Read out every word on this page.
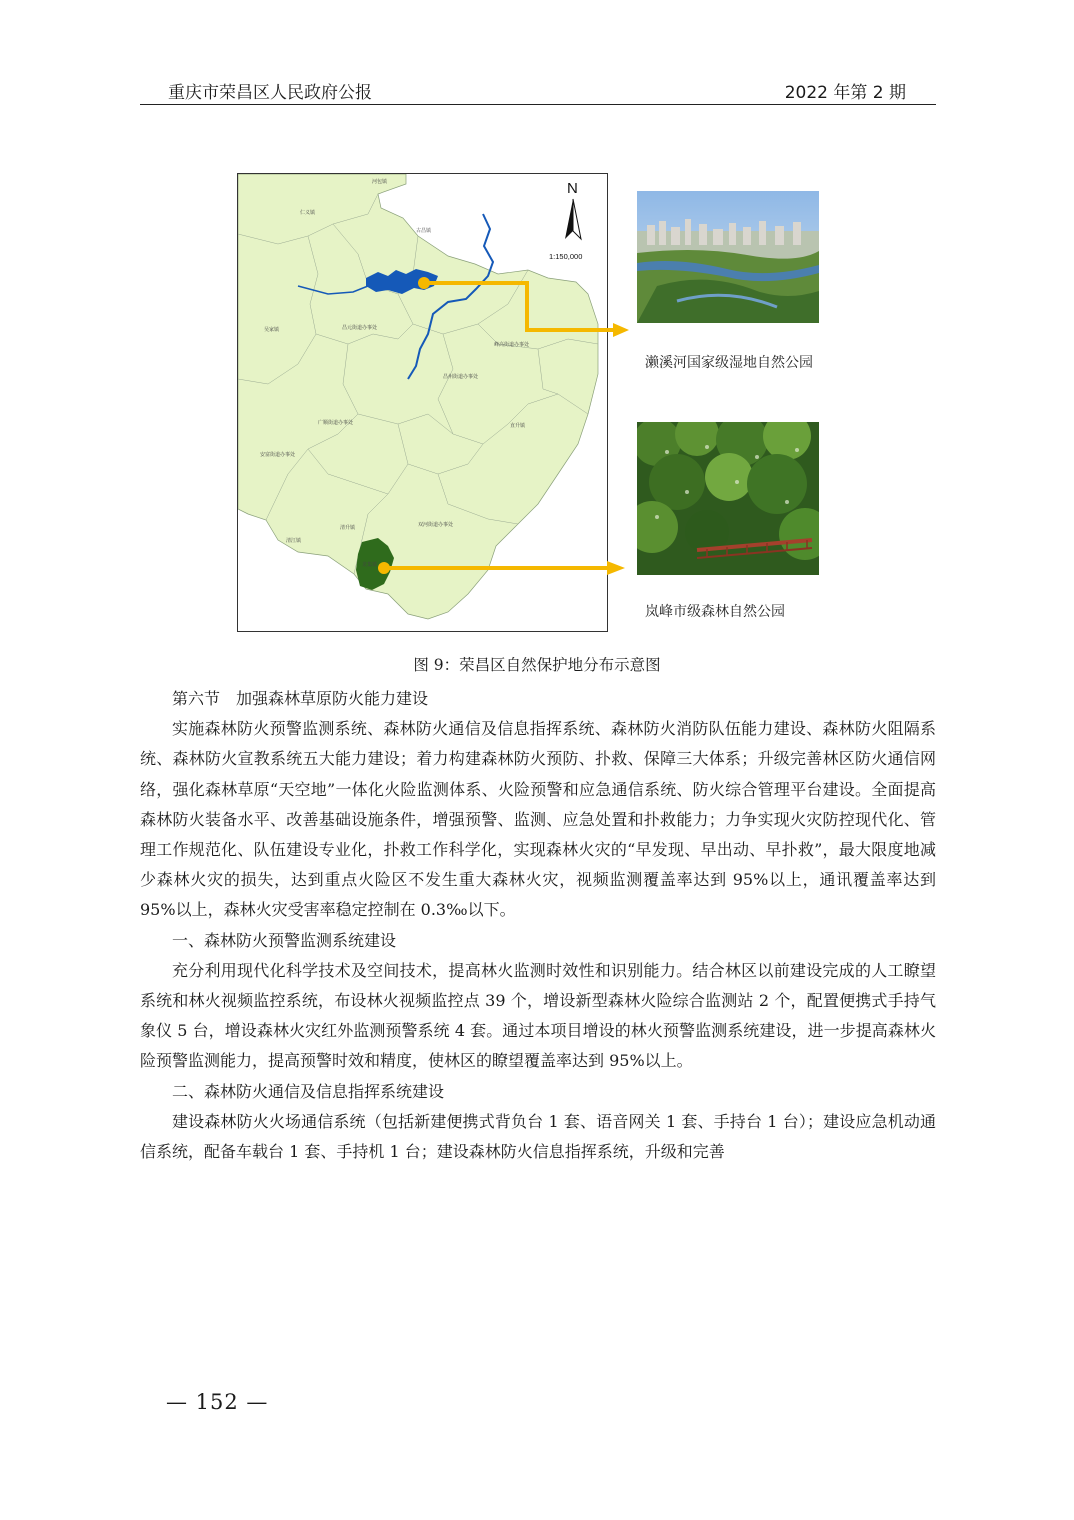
重庆市荣昌区人民政府公报	2022 年第 2 期
河包镇
仁义镇
古昌镇
吴家镇	昌元街道办事处
峰高街道办事处
昌州街道办事处
广顺街道办事处	直升镇
安富街道办事处
清升镇	双河街道办事处
清江镇
龙集镇
N
1:150,000
濑溪河国家级湿地自然公园
岚峰市级森林自然公园
图 9：荣昌区自然保护地分布示意图

第六节　加强森林草原防火能力建设

实施森林防火预警监测系统、森林防火通信及信息指挥系统、森林防火消防队伍能力建设、森林防火阻隔系统、森林防火宣教系统五大能力建设；着力构建森林防火预防、扑救、保障三大体系；升级完善林区防火通信网络，强化森林草原“天空地”一体化火险监测体系、火险预警和应急通信系统、防火综合管理平台建设。全面提高森林防火装备水平、改善基础设施条件，增强预警、监测、应急处置和扑救能力；力争实现火灾防控现代化、管理工作规范化、队伍建设专业化，扑救工作科学化，实现森林火灾的“早发现、早出动、早扑救”，最大限度地减少森林火灾的损失，达到重点火险区不发生重大森林火灾，视频监测覆盖率达到 95%以上，通讯覆盖率达到 95%以上，森林火灾受害率稳定控制在 0.3‰以下。

一、森林防火预警监测系统建设

充分利用现代化科学技术及空间技术，提高林火监测时效性和识别能力。结合林区以前建设完成的人工瞭望系统和林火视频监控系统，布设林火视频监控点 39 个，增设新型森林火险综合监测站 2 个，配置便携式手持气象仪 5 台，增设森林火灾红外监测预警系统 4 套。通过本项目增设的林火预警监测系统建设，进一步提高森林火险预警监测能力，提高预警时效和精度，使林区的瞭望覆盖率达到 95%以上。

二、森林防火通信及信息指挥系统建设

建设森林防火火场通信系统（包括新建便携式背负台 1 套、语音网关 1 套、手持台 1 台）；建设应急机动通信系统，配备车载台 1 套、手持机 1 台；建设森林防火信息指挥系统，升级和完善

— 152 —
